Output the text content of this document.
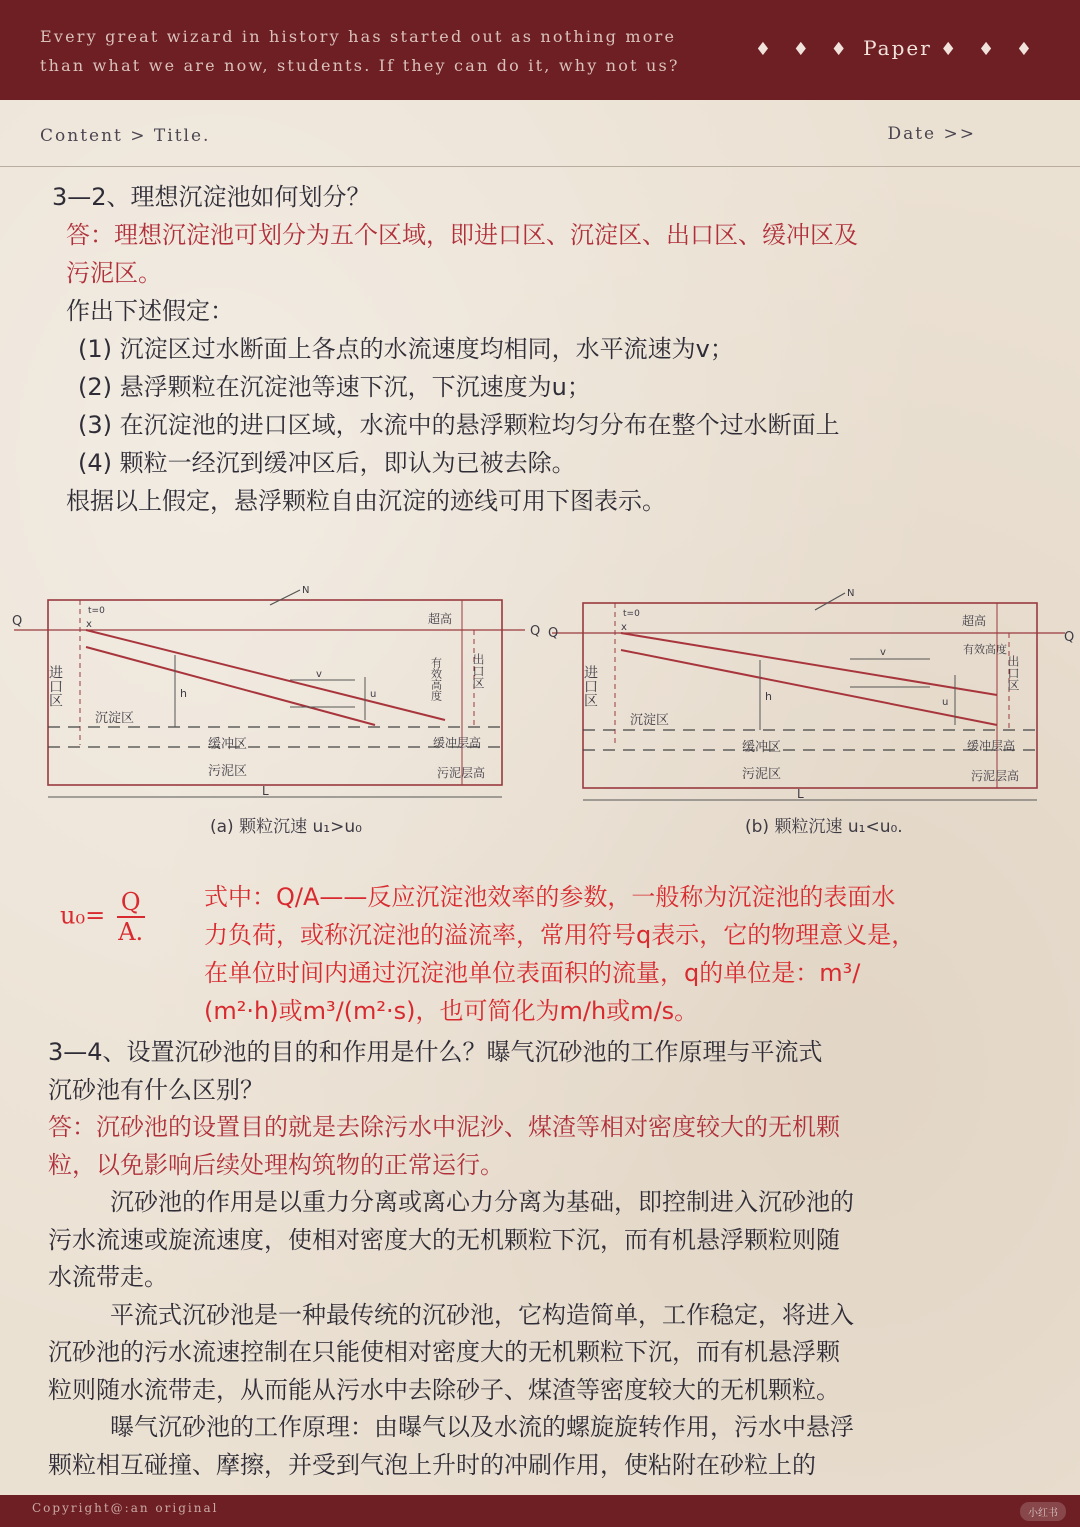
Every great wizard in history has started out as nothing more
than what we are now, students. If they can do it, why not us?
♦ ♦ ♦ Paper ♦ ♦ ♦
Content > Title.	Date >>

3—2、理想沉淀池如何划分？

答：理想沉淀池可划分为五个区域，即进口区、沉淀区、出口区、缓冲区及

污泥区。

作出下述假定：

(1) 沉淀区过水断面上各点的水流速度均相同，水平流速为v；

(2) 悬浮颗粒在沉淀池等速下沉，下沉速度为u；

(3) 在沉淀池的进口区域，水流中的悬浮颗粒均匀分布在整个过水断面上

(4) 颗粒一经沉到缓冲区后，即认为已被去除。

根据以上假定，悬浮颗粒自由沉淀的迹线可用下图表示。

Q
Q
t=0
x
N
进口区
沉淀区
缓冲区
污泥区
超高
有效高度 出口区
缓冲层高
污泥层高
L
h
v
u
(a) 颗粒沉速 u₁>u₀
Q	Q
t=0
x
N
进口区
沉淀区
缓冲区
污泥区
超高
有效高度
出口区
缓冲层高
污泥层高
L
h
v
u
(b) 颗粒沉速 u₁<u₀.
$u_0= \frac{Q}{A.}$ 式中：Q/A——反应沉淀池效率的参数，一般称为沉淀池的表面水
力负荷，或称沉淀池的溢流率，常用符号q表示，它的物理意义是，
在单位时间内通过沉淀池单位表面积的流量，q的单位是：m³/
(m²·h)或m³/(m²·s)，也可简化为m/h或m/s。

3—4、设置沉砂池的目的和作用是什么？曝气沉砂池的工作原理与平流式

沉砂池有什么区别？

答：沉砂池的设置目的就是去除污水中泥沙、煤渣等相对密度较大的无机颗

粒，以免影响后续处理构筑物的正常运行。

沉砂池的作用是以重力分离或离心力分离为基础，即控制进入沉砂池的

污水流速或旋流速度，使相对密度大的无机颗粒下沉，而有机悬浮颗粒则随

水流带走。

平流式沉砂池是一种最传统的沉砂池，它构造简单，工作稳定，将进入

沉砂池的污水流速控制在只能使相对密度大的无机颗粒下沉，而有机悬浮颗

粒则随水流带走，从而能从污水中去除砂子、煤渣等密度较大的无机颗粒。

曝气沉砂池的工作原理：由曝气以及水流的螺旋旋转作用，污水中悬浮

颗粒相互碰撞、摩擦，并受到气泡上升时的冲刷作用，使粘附在砂粒上的

Copyright@:an original	小红书
